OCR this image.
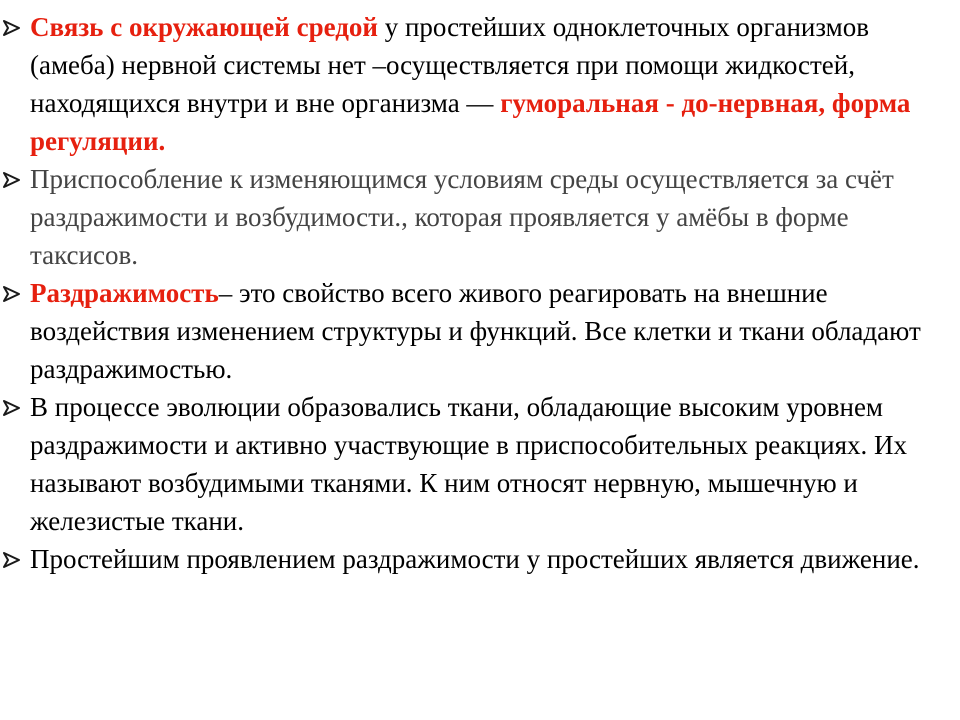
Связь с окружающей средой у простейших одноклеточных организмов (амеба) нервной системы нет –осуществляется при помощи жидкостей, находящихся внутри и вне организма — гуморальная - до-нервная, форма регуляции.
Приспособление к изменяющимся условиям среды осуществляется за счёт раздражимости и возбудимости., которая проявляется у амёбы в форме таксисов.
Раздражимость– это свойство всего живого реагировать на внешние воздействия изменением структуры и функций. Все клетки и ткани обладают раздражимостью.
В процессе эволюции образовались ткани, обладающие высоким уровнем раздражимости и активно участвующие в приспособительных реакциях. Их называют возбудимыми тканями. К ним относят нервную, мышечную и железистые ткани.
Простейшим проявлением раздражимости у простейших является движение.
